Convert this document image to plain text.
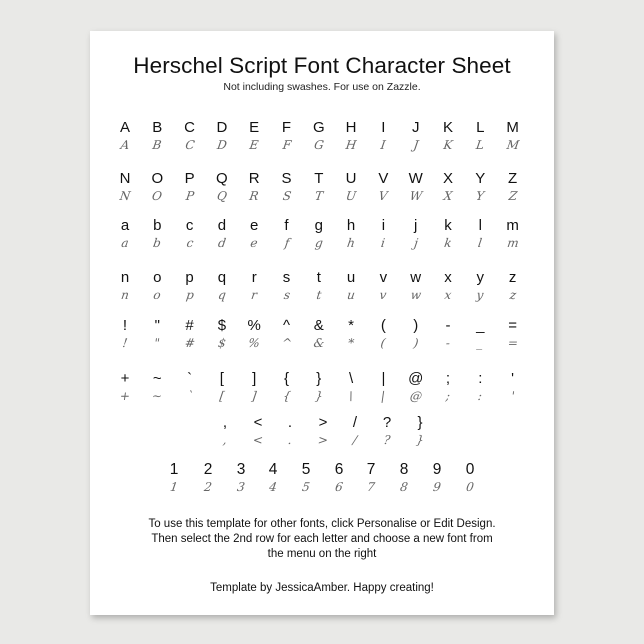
Herschel Script Font Character Sheet
Not including swashes. For use on Zazzle.
A
A
B
B
C
C
D
D
E
E
F
F
G
G
H
H
I
I
J
J
K
K
L
L
M
M
N
N
O
O
P
P
Q
Q
R
R
S
S
T
T
U
U
V
V
W
W
X
X
Y
Y
Z
Z
a
a
b
b
c
c
d
d
e
e
f
f
g
g
h
h
i
i
j
j
k
k
l
l
m
m
n
n
o
o
p
p
q
q
r
r
s
s
t
t
u
u
v
v
w
w
x
x
y
y
z
z
!
!
"
"
#
#
$
$
%
%
^
^
&
&
*
*
(
(
)
)
-
-
_
_
=
=
+
+
~
~
`
`
[
[
]
]
{
{
}
}
\
\
|
|
@
@
;
;
:
:
'
'
,
,
<
<
.
.
>
>
/
/
?
?
}
}
1
1
2
2
3
3
4
4
5
5
6
6
7
7
8
8
9
9
0
0
To use this template for other fonts, click Personalise or Edit Design.
Then select the 2nd row for each letter and choose a new font from
the menu on the right
Template by JessicaAmber. Happy creating!
